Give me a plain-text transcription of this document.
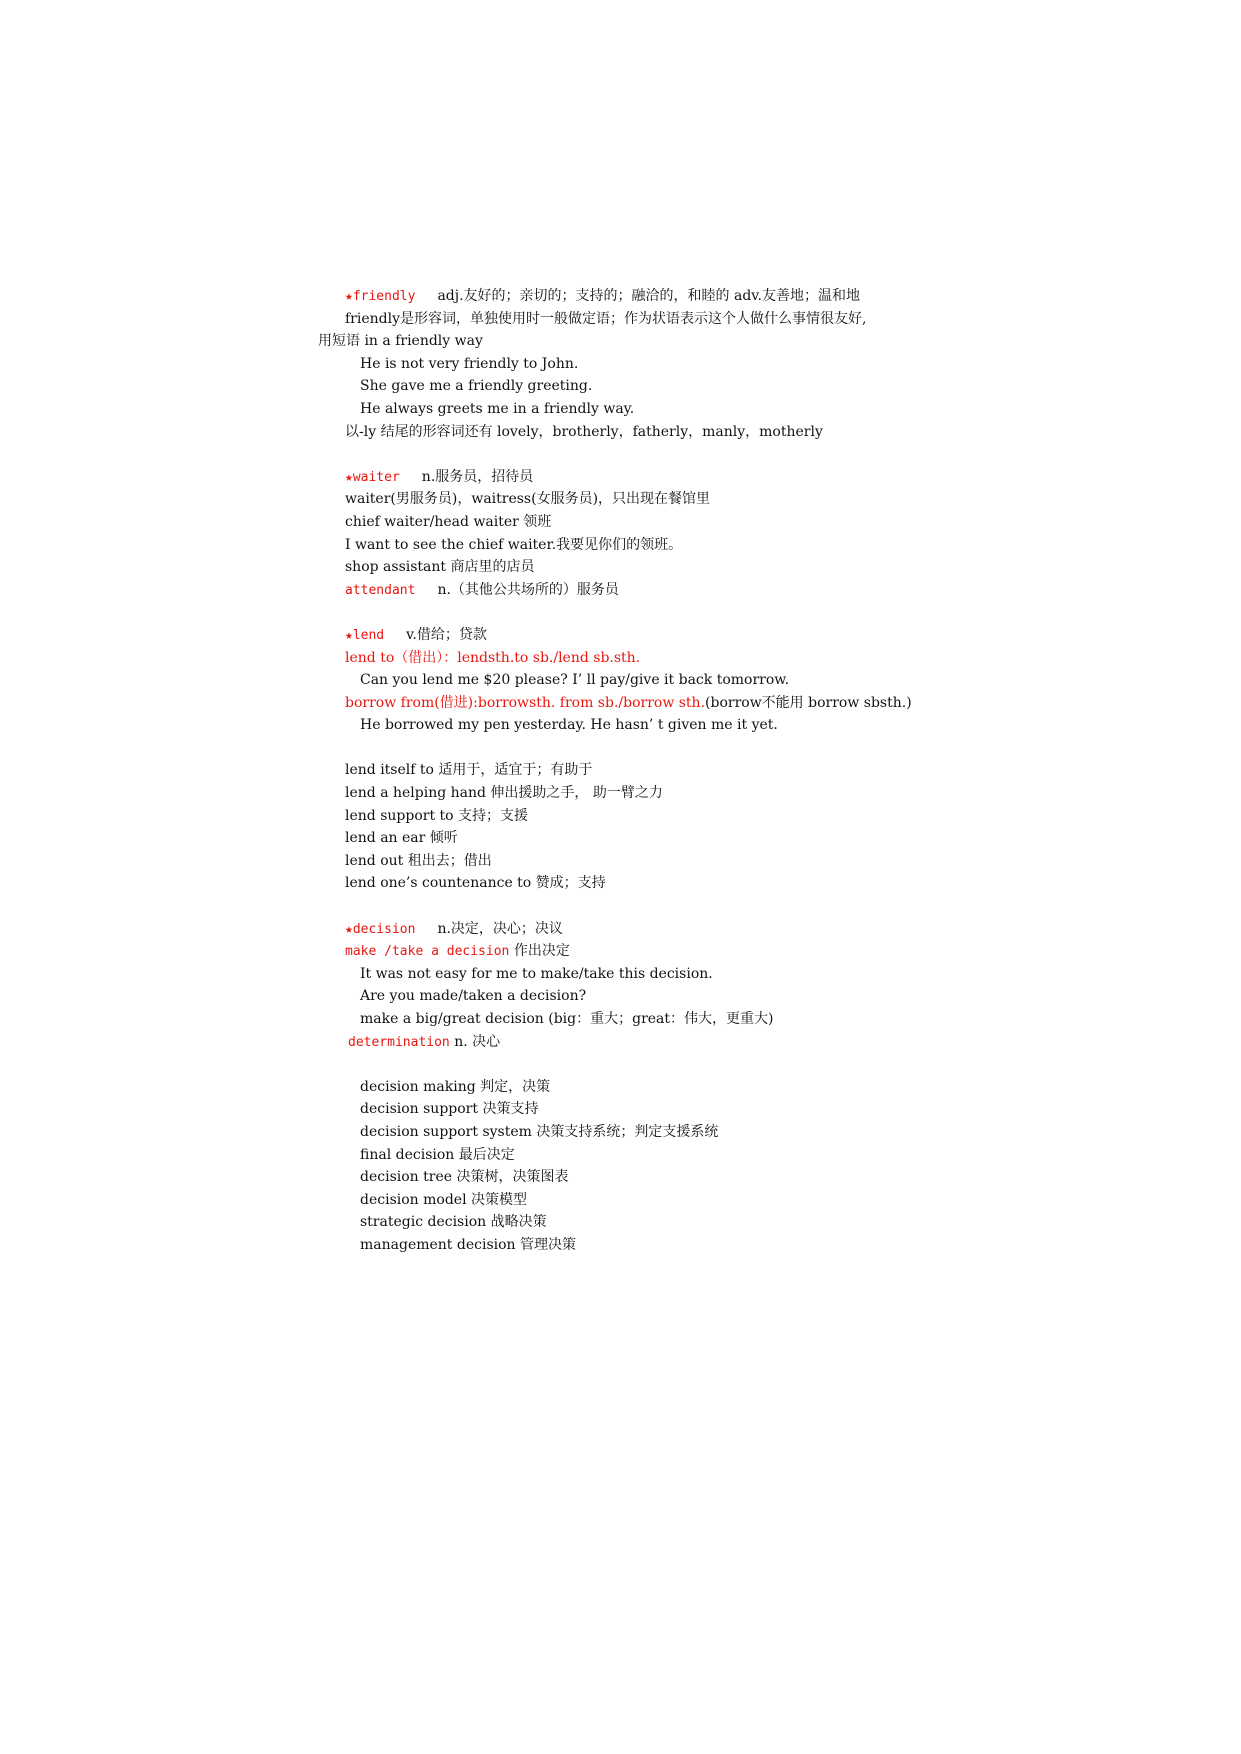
★friendly adj.友好的；亲切的；支持的；融洽的，和睦的 adv.友善地；温和地
friendly是形容词，单独使用时一般做定语；作为状语表示这个人做什么事情很友好,
用短语 in a friendly way
He is not very friendly to John.
She gave me a friendly greeting.
He always greets me in a friendly way.
以-ly 结尾的形容词还有 lovely，brotherly，fatherly，manly，motherly
★waiter n.服务员，招待员
waiter(男服务员)，waitress(女服务员)，只出现在餐馆里
chief waiter/head waiter 领班
I want to see the chief waiter.我要见你们的领班。
shop assistant 商店里的店员
attendant n.（其他公共场所的）服务员
★lend v.借给；贷款
lend to（借出）：lendsth.to sb./lend sb.sth.
Can you lend me $20 please? I’ ll pay/give it back tomorrow.
borrow from(借进):borrowsth. from sb./borrow sth.(borrow不能用 borrow sbsth.)
He borrowed my pen yesterday. He hasn’ t given me it yet.
lend itself to 适用于，适宜于；有助于
lend a helping hand 伸出援助之手， 助一臂之力
lend support to 支持；支援
lend an ear 倾听
lend out 租出去；借出
lend one’s countenance to 赞成；支持
★decision n.决定，决心；决议
make /take a decision 作出决定
It was not easy for me to make/take this decision.
Are you made/taken a decision?
make a big/great decision (big：重大；great：伟大，更重大)
determination n. 决心
decision making 判定，决策
decision support 决策支持
decision support system 决策支持系统；判定支援系统
final decision 最后决定
decision tree 决策树，决策图表
decision model 决策模型
strategic decision 战略决策
management decision 管理决策
